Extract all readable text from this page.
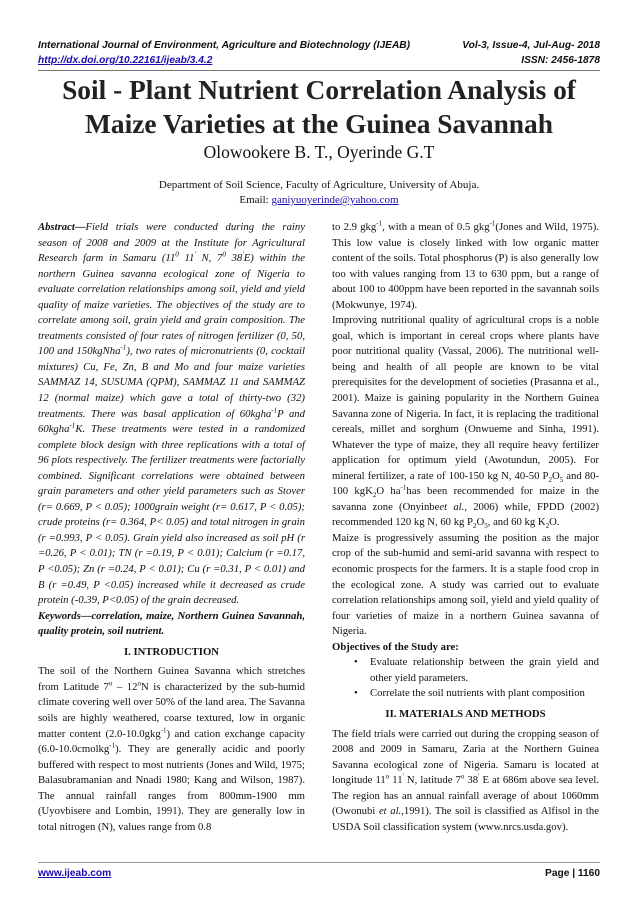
International Journal of Environment, Agriculture and Biotechnology (IJEAB)	Vol-3, Issue-4, Jul-Aug- 2018
http://dx.doi.org/10.22161/ijeab/3.4.2	ISSN: 2456-1878
Soil - Plant Nutrient Correlation Analysis of
Maize Varieties at the Guinea Savannah
Olowookere B. T., Oyerinde G.T
Department of Soil Science, Faculty of Agriculture, University of Abuja.
Email: ganiyuoyerinde@yahoo.com

Abstract—Field trials were conducted during the rainy season of 2008 and 2009 at the Institute for Agricultural Research farm in Samaru ($11^0$ 11' N, $7^0$ 38'E) within the northern Guinea savanna ecological zone of Nigeria to evaluate correlation relationships among soil, yield and yield quality of maize varieties. The objectives of the study are to correlate among soil, grain yield and grain composition. The treatments consisted of four rates of nitrogen fertilizer (0, 50, 100 and 150kgNha$^{-1}$), two rates of micronutrients (0, cocktail mixtures) Cu, Fe, Zn, B and Mo and four maize varieties SAMMAZ 14, SUSUMA (QPM), SAMMAZ 11 and SAMMAZ 12 (normal maize) which gave a total of thirty-two (32) treatments. There was basal application of 60kgha$^{-1}$P and 60kgha$^{-1}$K. These treatments were tested in a randomized complete block design with three replications with a total of 96 plots respectively. The fertilizer treatments were factorially combined. Significant correlations were obtained between grain parameters and other yield parameters such as Stover (r= 0.669, P < 0.05); 1000grain weight (r= 0.617, P < 0.05); crude proteins (r= 0.364, P< 0.05) and total nitrogen in grain (r =0.993, P < 0.05). Grain yield also increased as soil pH (r =0.26, P < 0.01); TN (r =0.19, P < 0.01); Calcium (r =0.17, P <0.05); Zn (r =0.24, P < 0.01); Cu (r =0.31, P < 0.01) and B (r =0.49, P <0.05) increased while it decreased as crude protein (-0.39, P<0.05) of the grain decreased.

Keywords—correlation, maize, Northern Guinea Savannah, quality protein, soil nutrient.

I. INTRODUCTION

The soil of the Northern Guinea Savanna which stretches from Latitude 7$^o$ – 12$^o$N is characterized by the sub-humid climate covering well over 50% of the land area. The Savanna soils are highly weathered, coarse textured, low in organic matter content (2.0-10.0gkg$^{-1}$) and cation exchange capacity (6.0-10.0cmolkg$^{-1}$). They are generally acidic and poorly buffered with respect to most nutrients (Jones and Wild, 1975; Balasubramanian and Nnadi 1980; Kang and Wilson, 1987). The annual rainfall ranges from 800mm-1900 mm (Uyovbisere and Lombin, 1991). They are generally low in total nitrogen (N), values range from 0.8

to 2.9 gkg$^{-1}$, with a mean of 0.5 gkg$^{-1}$(Jones and Wild, 1975). This low value is closely linked with low organic matter content of the soils. Total phosphorus (P) is also generally low too with values ranging from 13 to 630 ppm, but a range of about 100 to 400ppm have been reported in the savannah soils (Mokwunye, 1974).

Improving nutritional quality of agricultural crops is a noble goal, which is important in cereal crops where plants have poor nutritional quality (Vassal, 2006). The nutritional well-being and health of all people are known to be vital prerequisites for the development of societies (Prasanna et al., 2001). Maize is gaining popularity in the Northern Guinea Savanna zone of Nigeria. In fact, it is replacing the traditional cereals, millet and sorghum (Onwueme and Sinha, 1991). Whatever the type of maize, they all require heavy fertilizer application for optimum yield (Awotundun, 2005). For mineral fertilizer, a rate of 100-150 kg N, 40-50 $P_2O_5$ and 80-100 kgK$_2$O $ha^{-1}has$ been recommended for maize in the savanna zone (Onyinbeet al., 2006) while, FPDD (2002) recommended 120 kg N, 60 kg $P_2O_5$, and 60 kg $K_2O$.

Maize is progressively assuming the position as the major crop of the sub-humid and semi-arid savanna with respect to economic prospects for the farmers. It is a staple food crop in the ecological zone. A study was carried out to evaluate correlation relationships among soil, yield and yield quality of four varieties of maize in a northern Guinea savanna of Nigeria.

Objectives of the Study are:
• Evaluate relationship between the grain yield and other yield parameters.
• Correlate the soil nutrients with plant composition
II. MATERIALS AND METHODS

The field trials were carried out during the cropping season of 2008 and 2009 in Samaru, Zaria at the Northern Guinea Savanna ecological zone of Nigeria. Samaru is located at longitude 11$^o$ 11' N, latitude 7$^o$ 38' E at 686m above sea level. The region has an annual rainfall average of about 1060mm (Owonubi et al.,1991). The soil is classified as Alfisol in the USDA Soil classification system (www.nrcs.usda.gov).

www.ijeab.com	Page | 1160
